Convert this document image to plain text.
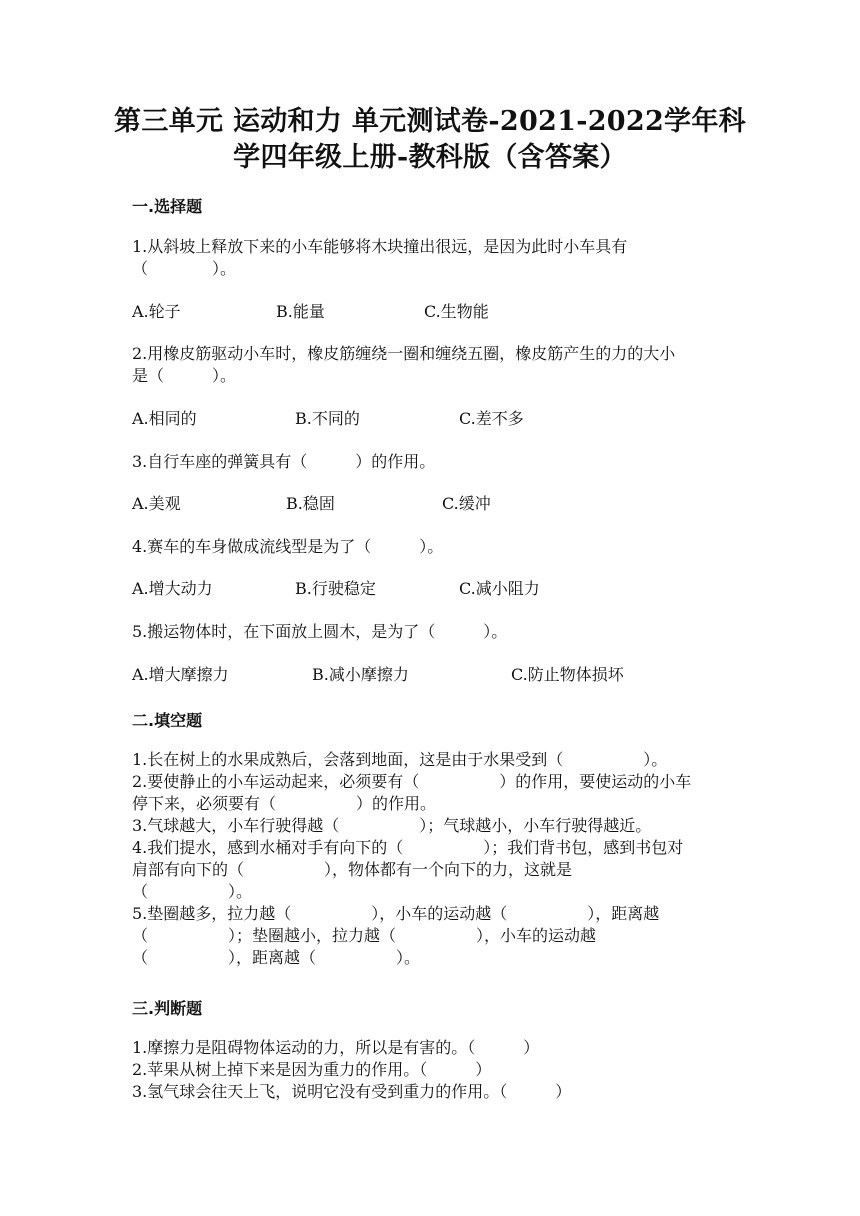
第三单元 运动和力 单元测试卷-2021-2022学年科
学四年级上册-教科版（含答案）
一.选择题
1.从斜坡上释放下来的小车能够将木块撞出很远，是因为此时小车具有
（　　　　）。
A.轮子	B.能量	C.生物能
2.用橡皮筋驱动小车时，橡皮筋缠绕一圈和缠绕五圈，橡皮筋产生的力的大小
是（　　　）。
A.相同的	B.不同的	C.差不多
3.自行车座的弹簧具有（　　　）的作用。
A.美观	B.稳固	C.缓冲
4.赛车的车身做成流线型是为了（　　　）。
A.增大动力	B.行驶稳定	C.减小阻力
5.搬运物体时，在下面放上圆木，是为了（　　　）。
A.增大摩擦力	B.减小摩擦力	C.防止物体损坏
二.填空题
1.长在树上的水果成熟后，会落到地面，这是由于水果受到（　　　　　）。
2.要使静止的小车运动起来，必须要有（　　　　　）的作用，要使运动的小车
停下来，必须要有（　　　　　）的作用。
3.气球越大，小车行驶得越（　　　　　）；气球越小，小车行驶得越近。
4.我们提水，感到水桶对手有向下的（　　　　　）；我们背书包，感到书包对
肩部有向下的（　　　　　），物体都有一个向下的力，这就是
（　　　　　）。
5.垫圈越多，拉力越（　　　　　），小车的运动越（　　　　　），距离越
（　　　　　）；垫圈越小，拉力越（　　　　　），小车的运动越
（　　　　　），距离越（　　　　　）。
三.判断题
1.摩擦力是阻碍物体运动的力，所以是有害的。（　　　）
2.苹果从树上掉下来是因为重力的作用。（　　　）
3.氢气球会往天上飞，说明它没有受到重力的作用。（　　　）
